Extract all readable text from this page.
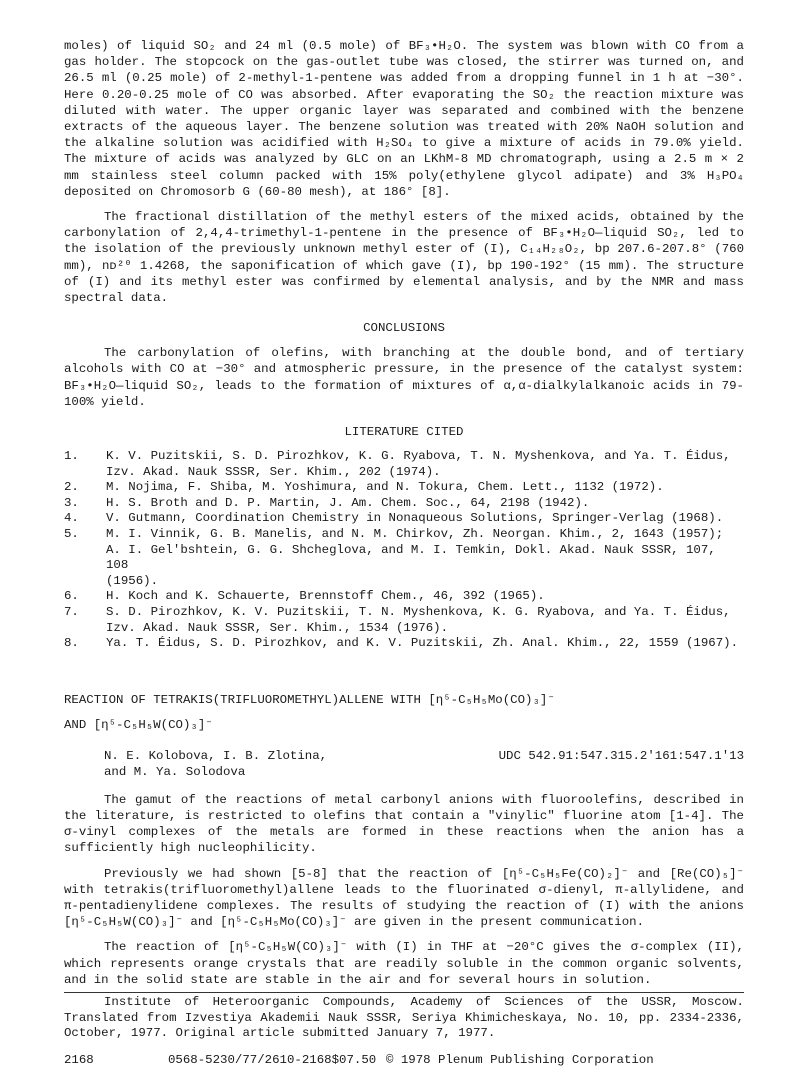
moles) of liquid SO₂ and 24 ml (0.5 mole) of BF₃•H₂O. The system was blown with CO from a gas holder. The stopcock on the gas-outlet tube was closed, the stirrer was turned on, and 26.5 ml (0.25 mole) of 2-methyl-1-pentene was added from a dropping funnel in 1 h at −30°. Here 0.20-0.25 mole of CO was absorbed. After evaporating the SO₂ the reaction mixture was diluted with water. The upper organic layer was separated and combined with the benzene extracts of the aqueous layer. The benzene solution was treated with 20% NaOH solution and the alkaline solution was acidified with H₂SO₄ to give a mixture of acids in 79.0% yield. The mixture of acids was analyzed by GLC on an LKhM-8 MD chromatograph, using a 2.5 m × 2 mm stainless steel column packed with 15% poly(ethylene glycol adipate) and 3% H₃PO₄ deposited on Chromosorb G (60-80 mesh), at 186° [8].

The fractional distillation of the methyl esters of the mixed acids, obtained by the carbonylation of 2,4,4-trimethyl-1-pentene in the presence of BF₃•H₂O—liquid SO₂, led to the isolation of the previously unknown methyl ester of (I), C₁₄H₂₈O₂, bp 207.6-207.8° (760 mm), nᴅ²⁰ 1.4268, the saponification of which gave (I), bp 190-192° (15 mm). The structure of (I) and its methyl ester was confirmed by elemental analysis, and by the NMR and mass spectral data.

CONCLUSIONS

The carbonylation of olefins, with branching at the double bond, and of tertiary alcohols with CO at −30° and atmospheric pressure, in the presence of the catalyst system: BF₃•H₂O—liquid SO₂, leads to the formation of mixtures of α,α-dialkylalkanoic acids in 79-100% yield.

LITERATURE CITED

1.	K. V. Puzitskii, S. D. Pirozhkov, K. G. Ryabova, T. N. Myshenkova, and Ya. T. Éidus,
Izv. Akad. Nauk SSSR, Ser. Khim., 202 (1974).
2.	M. Nojima, F. Shiba, M. Yoshimura, and N. Tokura, Chem. Lett., 1132 (1972).
3.	H. S. Broth and D. P. Martin, J. Am. Chem. Soc., 64, 2198 (1942).
4.	V. Gutmann, Coordination Chemistry in Nonaqueous Solutions, Springer-Verlag (1968).
5.	M. I. Vinnik, G. B. Manelis, and N. M. Chirkov, Zh. Neorgan. Khim., 2, 1643 (1957);
A. I. Gel'bshtein, G. G. Shcheglova, and M. I. Temkin, Dokl. Akad. Nauk SSSR, 107, 108
(1956).
6.	H. Koch and K. Schauerte, Brennstoff Chem., 46, 392 (1965).
7.	S. D. Pirozhkov, K. V. Puzitskii, T. N. Myshenkova, K. G. Ryabova, and Ya. T. Éidus,
Izv. Akad. Nauk SSSR, Ser. Khim., 1534 (1976).
8.	Ya. T. Éidus, S. D. Pirozhkov, and K. V. Puzitskii, Zh. Anal. Khim., 22, 1559 (1967).

REACTION OF TETRAKIS(TRIFLUOROMETHYL)ALLENE WITH [η⁵-C₅H₅Mo(CO)₃]⁻

AND [η⁵-C₅H₅W(CO)₃]⁻

N. E. Kolobova, I. B. Zlotina,	UDC 542.91:547.315.2'161:547.1'13
and M. Ya. Solodova

The gamut of the reactions of metal carbonyl anions with fluoroolefins, described in the literature, is restricted to olefins that contain a "vinylic" fluorine atom [1-4]. The σ-vinyl complexes of the metals are formed in these reactions when the anion has a sufficiently high nucleophilicity.

Previously we had shown [5-8] that the reaction of [η⁵-C₅H₅Fe(CO)₂]⁻ and [Re(CO)₅]⁻ with tetrakis(trifluoromethyl)allene leads to the fluorinated σ-dienyl, π-allylidene, and π-pentadienylidene complexes. The results of studying the reaction of (I) with the anions [η⁵-C₅H₅W(CO)₃]⁻ and [η⁵-C₅H₅Mo(CO)₃]⁻ are given in the present communication.

The reaction of [η⁵-C₅H₅W(CO)₃]⁻ with (I) in THF at −20°C gives the σ-complex (II), which represents orange crystals that are readily soluble in the common organic solvents, and in the solid state are stable in the air and for several hours in solution.

Institute of Heteroorganic Compounds, Academy of Sciences of the USSR, Moscow. Translated from Izvestiya Akademii Nauk SSSR, Seriya Khimicheskaya, No. 10, pp. 2334-2336, October, 1977. Original article submitted January 7, 1977.

2168	0568-5230/77/2610-2168$07.50 © 1978 Plenum Publishing Corporation
